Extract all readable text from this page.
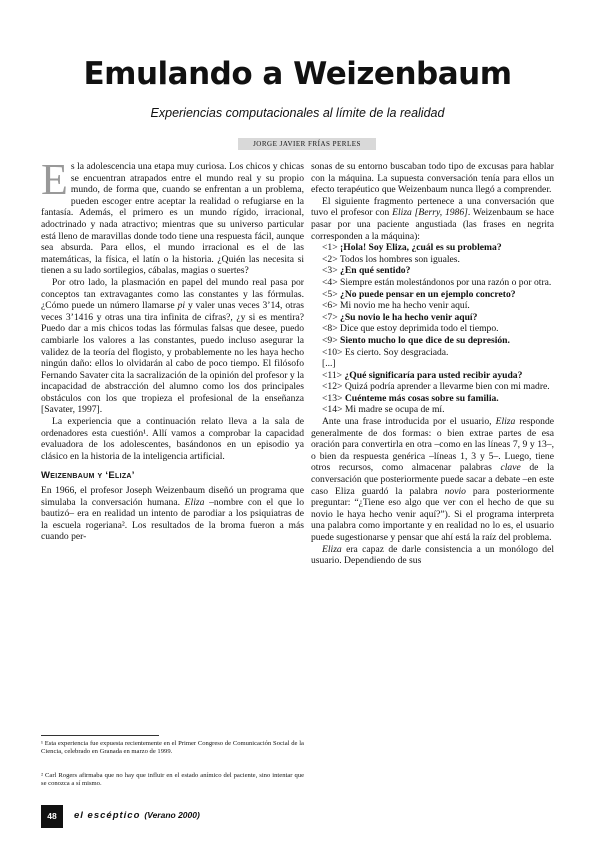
Emulando a Weizenbaum
Experiencias computacionales al límite de la realidad
JORGE JAVIER FRÍAS PERLES

Es la adolescencia una etapa muy curiosa. Los chicos y chicas se encuentran atrapados entre el mundo real y su propio mundo, de forma que, cuando se enfrentan a un problema, pueden escoger entre aceptar la realidad o refugiarse en la fantasía. Además, el primero es un mundo rígido, irracional, adoctrinado y nada atractivo; mientras que su universo particular está lleno de maravillas donde todo tiene una respuesta fácil, aunque sea absurda. Para ellos, el mundo irracional es el de las matemáticas, la física, el latín o la historia. ¿Quién las necesita si tienen a su lado sortilegios, cábalas, magias o suertes?

Por otro lado, la plasmación en papel del mundo real pasa por conceptos tan extravagantes como las constantes y las fórmulas. ¿Cómo puede un número llamarse pi y valer unas veces 3’14, otras veces 3’1416 y otras una tira infinita de cifras?, ¿y si es mentira? Puedo dar a mis chicos todas las fórmulas falsas que desee, puedo cambiarle los valores a las constantes, puedo incluso asegurar la validez de la teoría del flogisto, y probablemente no les haya hecho ningún daño: ellos lo olvidarán al cabo de poco tiempo. El filósofo Fernando Savater cita la sacralización de la opinión del profesor y la incapacidad de abstracción del alumno como los dos principales obstáculos con los que tropieza el profesional de la enseñanza [Savater, 1997].

La experiencia que a continuación relato lleva a la sala de ordenadores esta cuestión¹. Allí vamos a comprobar la capacidad evaluadora de los adolescentes, basándonos en un episodio ya clásico en la historia de la inteligencia artificial.

Weizenbaum y ‘Eliza’

En 1966, el profesor Joseph Weizenbaum diseñó un programa que simulaba la conversación humana. Eliza –nombre con el que lo bautizó– era en realidad un intento de parodiar a los psiquiatras de la escuela rogeriana². Los resultados de la broma fueron a más cuando per-

sonas de su entorno buscaban todo tipo de excusas para hablar con la máquina. La supuesta conversación tenía para ellos un efecto terapéutico que Weizenbaum nunca llegó a comprender.

El siguiente fragmento pertenece a una conversación que tuvo el profesor con Eliza [Berry, 1986]. Weizenbaum se hace pasar por una paciente angustiada (las frases en negrita corresponden a la máquina):

<1> ¡Hola! Soy Eliza, ¿cuál es su problema?

<2> Todos los hombres son iguales.

<3> ¿En qué sentido?

<4> Siempre están molestándonos por una razón o por otra.

<5> ¿No puede pensar en un ejemplo concreto?

<6> Mi novio me ha hecho venir aquí.

<7> ¿Su novio le ha hecho venir aquí?

<8> Dice que estoy deprimida todo el tiempo.

<9> Siento mucho lo que dice de su depresión.

<10> Es cierto. Soy desgraciada.

[...]

<11> ¿Qué significaría para usted recibir ayuda?

<12> Quizá podría aprender a llevarme bien con mi madre.

<13> Cuénteme más cosas sobre su familia.

<14> Mi madre se ocupa de mí.

Ante una frase introducida por el usuario, Eliza responde generalmente de dos formas: o bien extrae partes de esa oración para convertirla en otra –como en las líneas 7, 9 y 13–, o bien da respuesta genérica –líneas 1, 3 y 5–. Luego, tiene otros recursos, como almacenar palabras clave de la conversación que posteriormente puede sacar a debate –en este caso Eliza guardó la palabra novio para posteriormente preguntar: “¿Tiene eso algo que ver con el hecho de que su novio le haya hecho venir aquí?”). Si el programa interpreta una palabra como importante y en realidad no lo es, el usuario puede sugestionarse y pensar que ahí está la raíz del problema.

Eliza era capaz de darle consistencia a un monólogo del usuario. Dependiendo de sus

¹ Esta experiencia fue expuesta recientemente en el Primer Congreso de Comunicación Social de la Ciencia, celebrado en Granada en marzo de 1999.
² Carl Rogers afirmaba que no hay que influir en el estado anímico del paciente, sino intentar que se conozca a sí mismo.
48	el escéptico (Verano 2000)
